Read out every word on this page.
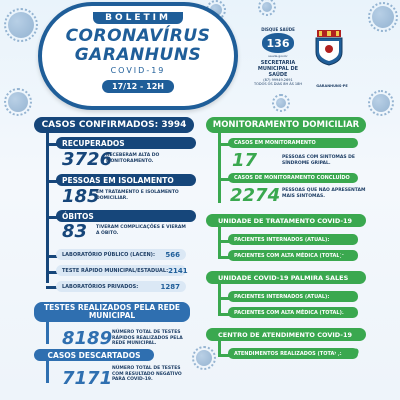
BOLETIM
CORONAVÍRUS
GARANHUNS
COVID-19
17/12 - 12H
DISQUE SAÚDE
136
saude.gov.br
SECRETARIA MUNICIPAL DE SAÚDE
(87) 99949.2691
TODOS OS DIAS 8H ÀS 18H	GARANHUNS-PE
CASOS CONFIRMADOS: 3994
RECUPERADOS
3726
RECEBERAM ALTA DO MONITORAMENTO.
PESSOAS EM ISOLAMENTO
185
EM TRATAMENTO E ISOLAMENTO DOMICILIAR.
ÓBITOS
83 TIVERAM COMPLICAÇÕES E VIERAM A ÓBITO.
LABORATÓRIO PÚBLICO (LACEN): 566
TESTE RÁPIDO MUNICIPAL/ESTADUAL: 2141
LABORATÓRIOS PRIVADOS:	1287
TESTES REALIZADOS PELA REDE MUNICIPAL
8189 NÚMERO TOTAL DE TESTES RÁPIDOS REALIZADOS PELA REDE MUNICIPAL.
CASOS DESCARTADOS
7171 NÚMERO TOTAL DE TESTES COM RESULTADO NEGATIVO PARA COVID-19.
MONITORAMENTO DOMICILIAR
CASOS EM MONITORAMENTO
17	PESSOAS COM SINTOMAS DE SÍNDROME GRIPAL.
CASOS DE MONITORAMENTO CONCLUÍDO
2274 PESSOAS QUE NÃO APRESENTAM MAIS SINTOMAS.
UNIDADE DE TRATAMENTO COVID-19
PACIENTES INTERNADOS (ATUAL): 13
PACIENTES COM ALTA MÉDICA (TOTAL):
109
UNIDADE COVID-19 PALMIRA SALES
PACIENTES INTERNADOS (ATUAL): 11
PACIENTES COM ALTA MÉDICA (TOTAL):
60
CENTRO DE ATENDIMENTO COVID-19
ATENDIMENTOS REALIZADOS (TOTAL):
5840
